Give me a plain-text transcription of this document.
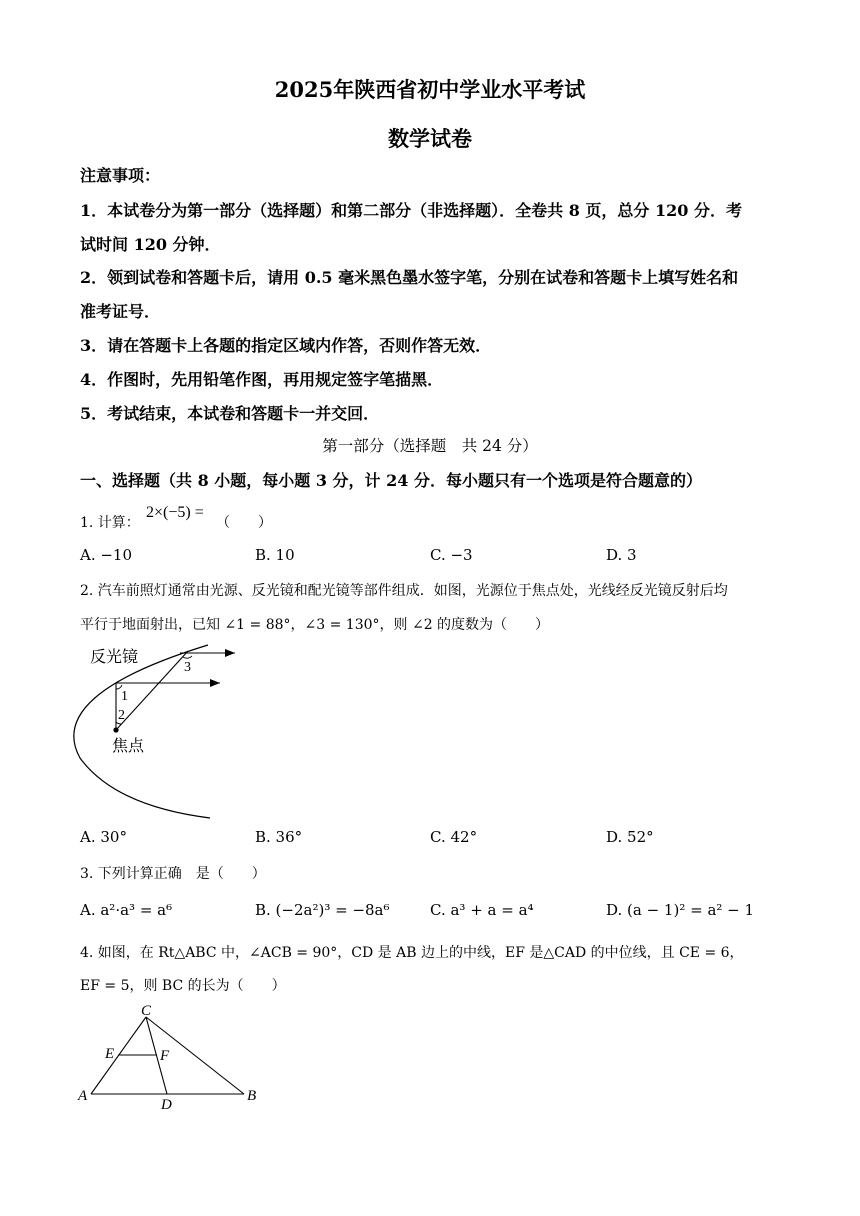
2025年陕西省初中学业水平考试
数学试卷
注意事项：
1．本试卷分为第一部分（选择题）和第二部分（非选择题）．全卷共 8 页，总分 120 分．考
试时间 120 分钟．
2．领到试卷和答题卡后，请用 0.5 毫米黑色墨水签字笔，分别在试卷和答题卡上填写姓名和
准考证号．
3．请在答题卡上各题的指定区域内作答，否则作答无效．
4．作图时，先用铅笔作图，再用规定签字笔描黑．
5．考试结束，本试卷和答题卡一并交回．
第一部分（选择题　共 24 分）
一、选择题（共 8 小题，每小题 3 分，计 24 分．每小题只有一个选项是符合题意的）
1. 计算：
2×(−5) =
（　　）
A. −10	B. 10	C. −3	D. 3
2. 汽车前照灯通常由光源、反光镜和配光镜等部件组成．如图，光源位于焦点处，光线经反光镜反射后均
平行于地面射出，已知 ∠1 = 88°，∠3 = 130°，则 ∠2 的度数为（　　）
反光镜
焦点
1
2
3
A. 30°	B. 36°	C. 42°	D. 52°
3. 下列计算正确　是（　　）
A. a²·a³ = a⁶	B. (−2a²)³ = −8a⁶	C. a³ + a = a⁴	D. (a − 1)² = a² − 1
4. 如图，在 Rt△ABC 中，∠ACB = 90°，CD 是 AB 边上的中线，EF 是△CAD 的中位线，且 CE = 6，
EF = 5，则 BC 的长为（　　）
C
E	F
A
D
B
